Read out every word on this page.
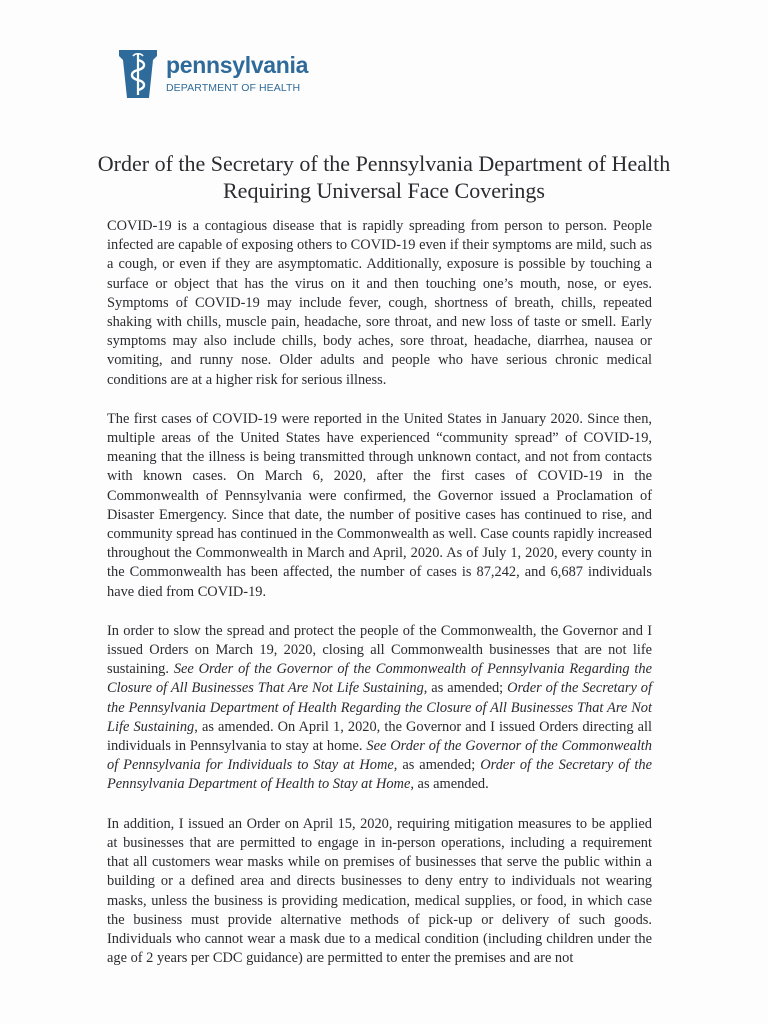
pennsylvania
DEPARTMENT OF HEALTH
Order of the Secretary of the Pennsylvania Department of Health Requiring Universal Face Coverings

COVID-19 is a contagious disease that is rapidly spreading from person to person. People infected are capable of exposing others to COVID-19 even if their symptoms are mild, such as a cough, or even if they are asymptomatic. Additionally, exposure is possible by touching a surface or object that has the virus on it and then touching one’s mouth, nose, or eyes. Symptoms of COVID-19 may include fever, cough, shortness of breath, chills, repeated shaking with chills, muscle pain, headache, sore throat, and new loss of taste or smell. Early symptoms may also include chills, body aches, sore throat, headache, diarrhea, nausea or vomiting, and runny nose. Older adults and people who have serious chronic medical conditions are at a higher risk for serious illness.

The first cases of COVID-19 were reported in the United States in January 2020. Since then, multiple areas of the United States have experienced “community spread” of COVID-19, meaning that the illness is being transmitted through unknown contact, and not from contacts with known cases. On March 6, 2020, after the first cases of COVID-19 in the Commonwealth of Pennsylvania were confirmed, the Governor issued a Proclamation of Disaster Emergency. Since that date, the number of positive cases has continued to rise, and community spread has continued in the Commonwealth as well. Case counts rapidly increased throughout the Commonwealth in March and April, 2020. As of July 1, 2020, every county in the Commonwealth has been affected, the number of cases is 87,242, and 6,687 individuals have died from COVID-19.

In order to slow the spread and protect the people of the Commonwealth, the Governor and I issued Orders on March 19, 2020, closing all Commonwealth businesses that are not life sustaining. See Order of the Governor of the Commonwealth of Pennsylvania Regarding the Closure of All Businesses That Are Not Life Sustaining, as amended; Order of the Secretary of the Pennsylvania Department of Health Regarding the Closure of All Businesses That Are Not Life Sustaining, as amended. On April 1, 2020, the Governor and I issued Orders directing all individuals in Pennsylvania to stay at home. See Order of the Governor of the Commonwealth of Pennsylvania for Individuals to Stay at Home, as amended; Order of the Secretary of the Pennsylvania Department of Health to Stay at Home, as amended.

In addition, I issued an Order on April 15, 2020, requiring mitigation measures to be applied at businesses that are permitted to engage in in-person operations, including a requirement that all customers wear masks while on premises of businesses that serve the public within a building or a defined area and directs businesses to deny entry to individuals not wearing masks, unless the business is providing medication, medical supplies, or food, in which case the business must provide alternative methods of pick-up or delivery of such goods. Individuals who cannot wear a mask due to a medical condition (including children under the age of 2 years per CDC guidance) are permitted to enter the premises and are not
